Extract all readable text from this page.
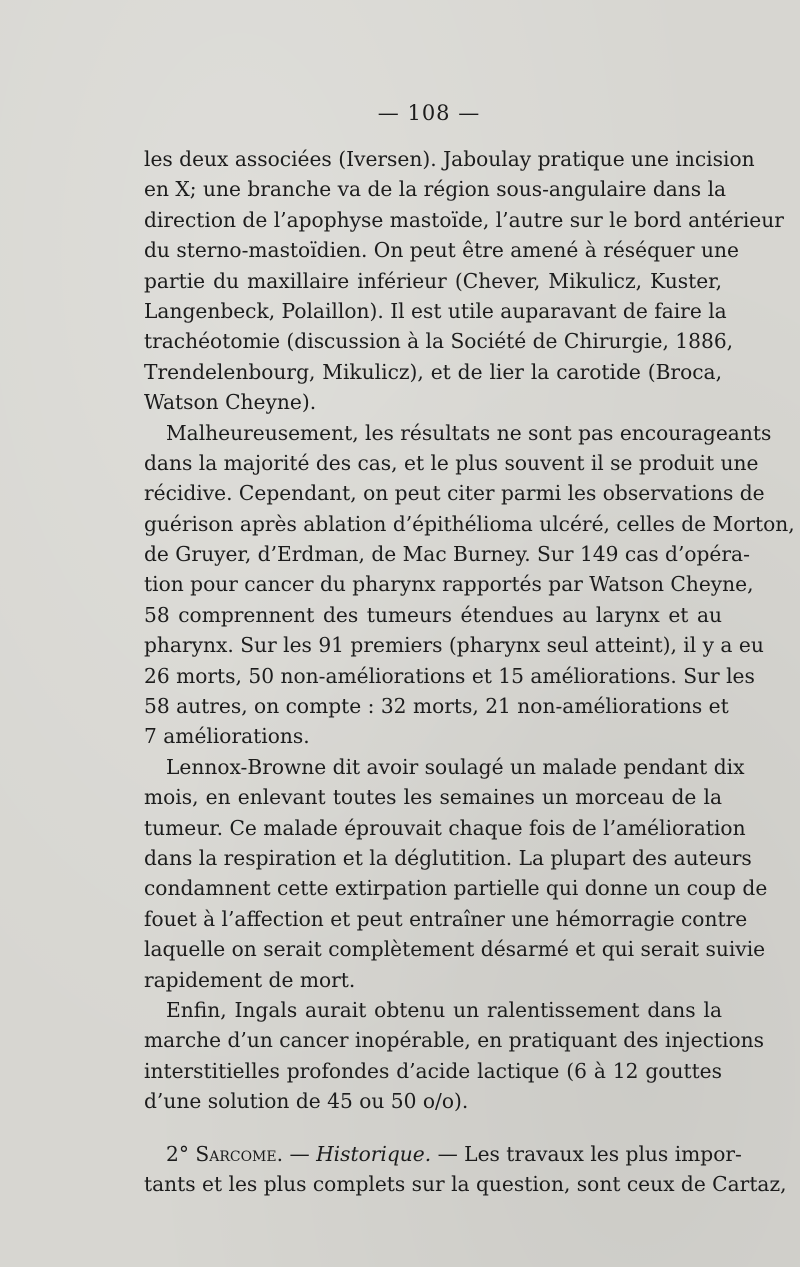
— 108 —
les deux associées (Iversen). Jaboulay pratique une incision
en X; une branche va de la région sous-angulaire dans la
direction de l’apophyse mastoïde, l’autre sur le bord antérieur
du sterno-mastoïdien. On peut être amené à réséquer une
partie du maxillaire inférieur (Chever, Mikulicz, Kuster,
Langenbeck, Polaillon). Il est utile auparavant de faire la
trachéotomie (discussion à la Société de Chirurgie, 1886,
Trendelenbourg, Mikulicz), et de lier la carotide (Broca,
Watson Cheyne).
Malheureusement, les résultats ne sont pas encourageants
dans la majorité des cas, et le plus souvent il se produit une
récidive. Cependant, on peut citer parmi les observations de
guérison après ablation d’épithélioma ulcéré, celles de Morton,
de Gruyer, d’Erdman, de Mac Burney. Sur 149 cas d’opéra-
tion pour cancer du pharynx rapportés par Watson Cheyne,
58 comprennent des tumeurs étendues au larynx et au
pharynx. Sur les 91 premiers (pharynx seul atteint), il y a eu
26 morts, 50 non-améliorations et 15 améliorations. Sur les
58 autres, on compte : 32 morts, 21 non-améliorations et
7 améliorations.
Lennox-Browne dit avoir soulagé un malade pendant dix
mois, en enlevant toutes les semaines un morceau de la
tumeur. Ce malade éprouvait chaque fois de l’amélioration
dans la respiration et la déglutition. La plupart des auteurs
condamnent cette extirpation partielle qui donne un coup de
fouet à l’affection et peut entraîner une hémorragie contre
laquelle on serait complètement désarmé et qui serait suivie
rapidement de mort.
Enfin, Ingals aurait obtenu un ralentissement dans la
marche d’un cancer inopérable, en pratiquant des injections
interstitielles profondes d’acide lactique (6 à 12 gouttes
d’une solution de 45 ou 50 o/o).
2° Sarcome. — Historique. — Les travaux les plus impor-
tants et les plus complets sur la question, sont ceux de Cartaz,
